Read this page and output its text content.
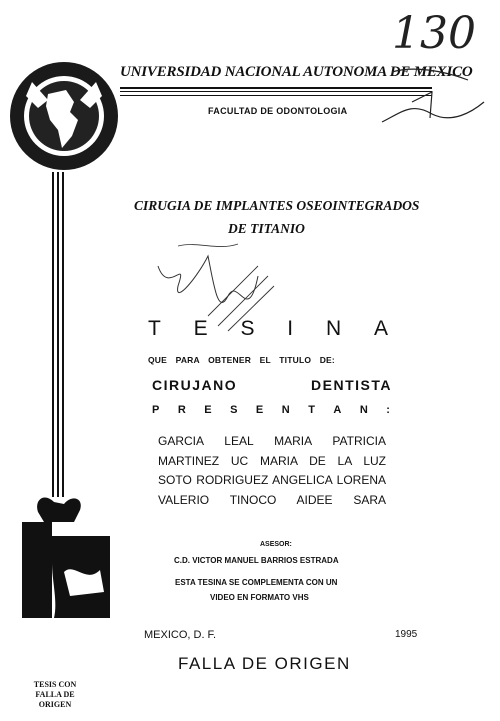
UNIVERSIDAD NACIONAL AUTONOMA DE MEXICO
FACULTAD DE ODONTOLOGIA
130
CIRUGIA DE IMPLANTES OSEOINTEGRADOS
DE TITANIO
T E S I N A
QUE PARA OBTENER EL TITULO DE:
CIRUJANO	DENTISTA
P R E S E N T A N :
GARCIA LEAL MARIA PATRICIA
MARTINEZ UC MARIA DE LA LUZ
SOTO RODRIGUEZ ANGELICA LORENA
VALERIO TINOCO AIDEE SARA
ASESOR:
C.D. VICTOR MANUEL BARRIOS ESTRADA
ESTA TESINA SE COMPLEMENTA CON UN
VIDEO EN FORMATO VHS
MEXICO, D. F.	1995
FALLA DE ORIGEN
TESIS CON
FALLA DE ORIGEN
